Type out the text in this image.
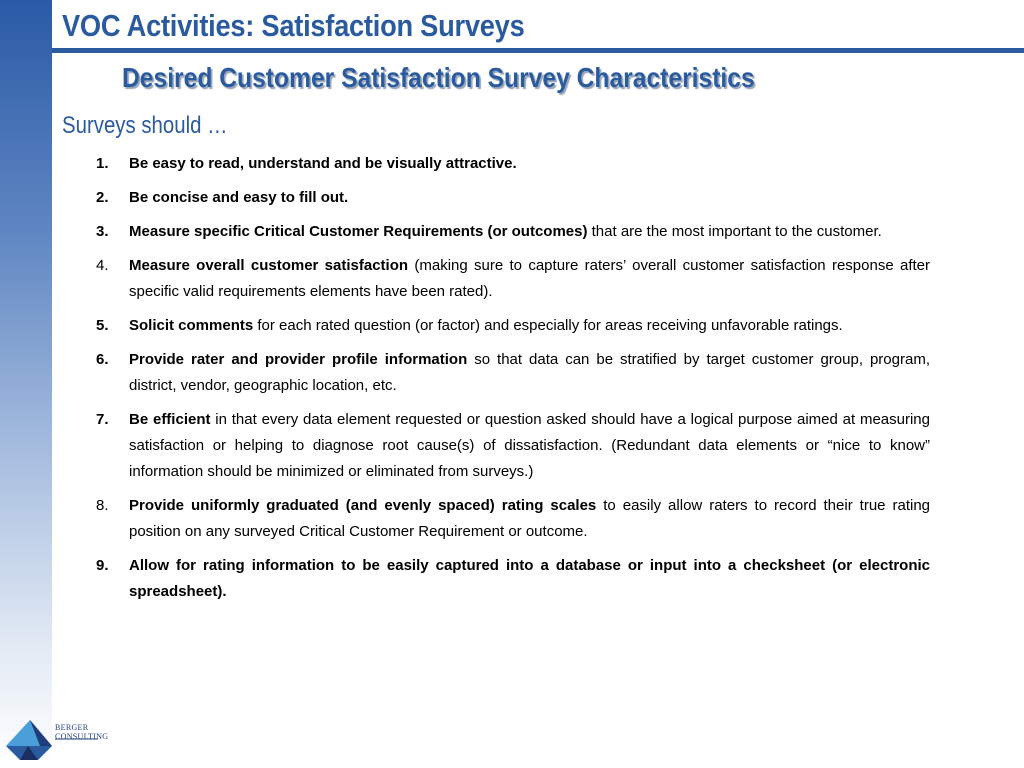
VOC Activities: Satisfaction Surveys
Desired Customer Satisfaction Survey Characteristics

Surveys should …

1.	Be easy to read, understand and be visually attractive.
2.	Be concise and easy to fill out.
3.	Measure specific Critical Customer Requirements (or outcomes) that are the most important to the customer.
4.	Measure overall customer satisfaction (making sure to capture raters’ overall customer satisfaction response after specific valid requirements elements have been rated).
5.	Solicit comments for each rated question (or factor) and especially for areas receiving unfavorable ratings.
6.	Provide rater and provider profile information so that data can be stratified by target customer group, program, district, vendor, geographic location, etc.
7.	Be efficient in that every data element requested or question asked should have a logical purpose aimed at measuring satisfaction or helping to diagnose root cause(s) of dissatisfaction. (Redundant data elements or “nice to know” information should be minimized or eliminated from surveys.)
8.	Provide uniformly graduated (and evenly spaced) rating scales to easily allow raters to record their true rating position on any surveyed Critical Customer Requirement or outcome.
9.	Allow for rating information to be easily captured into a database or input into a checksheet (or electronic spreadsheet).
BERGER
CONSULTING
